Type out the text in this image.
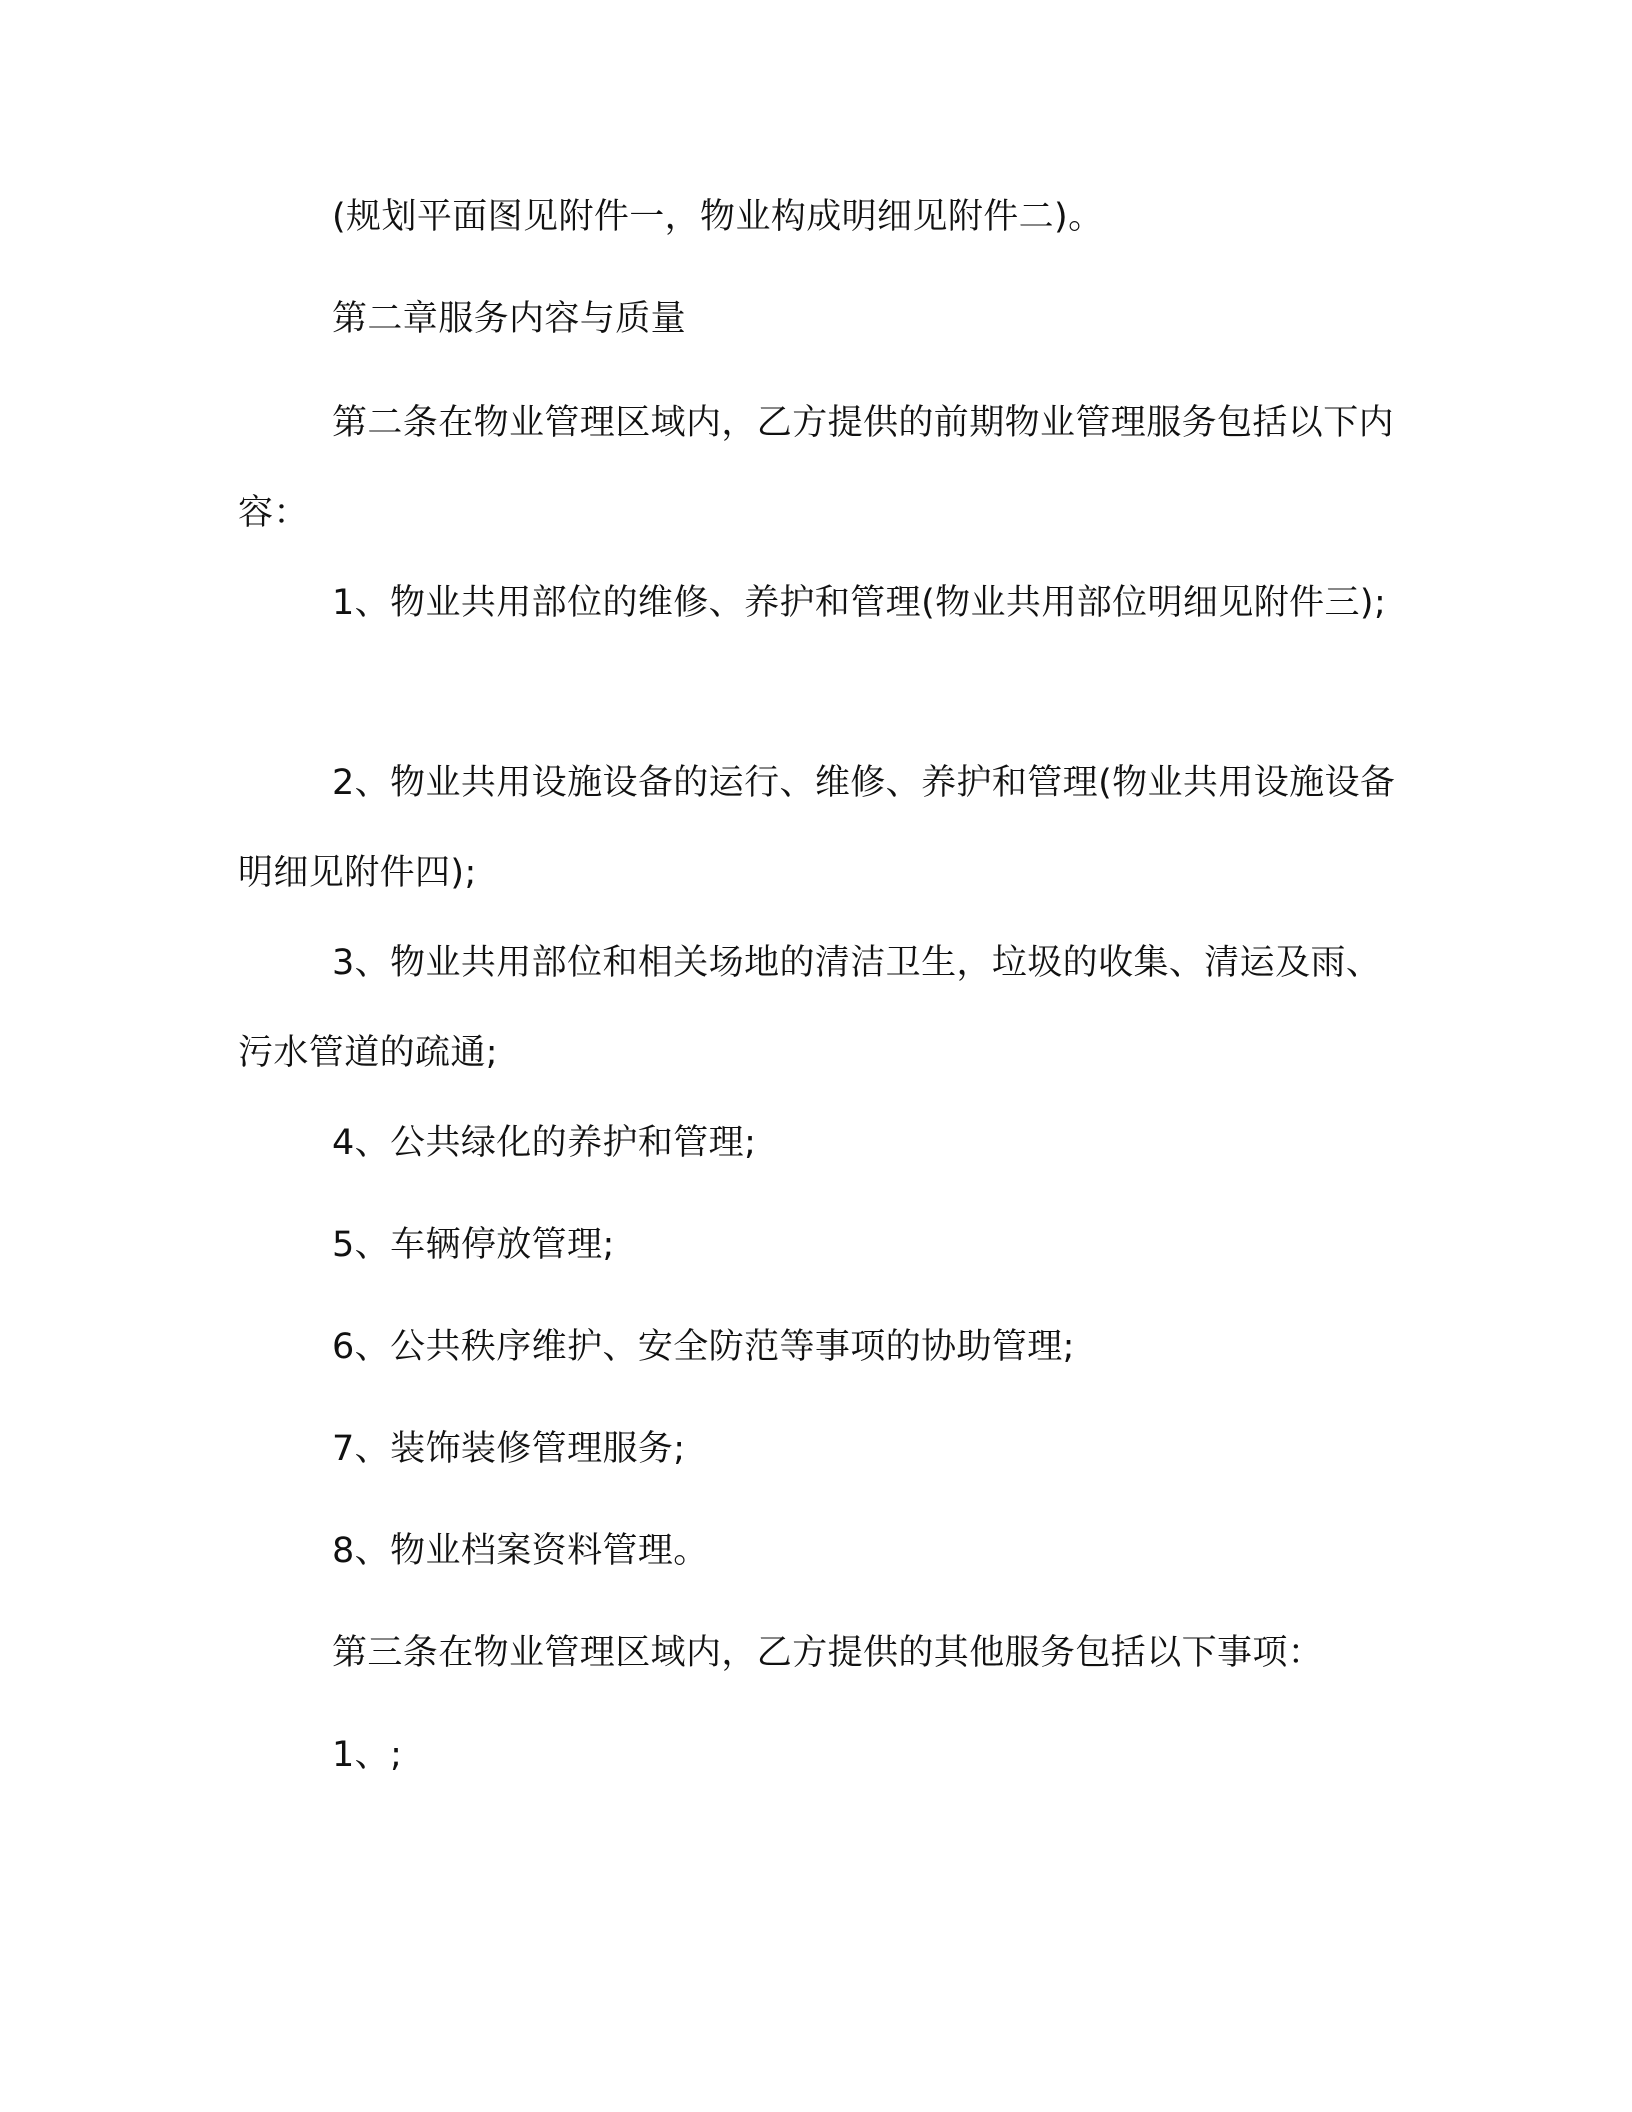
(规划平面图见附件一，物业构成明细见附件二)。

第二章服务内容与质量

第二条在物业管理区域内，乙方提供的前期物业管理服务包括以下内容：

1、物业共用部位的维修、养护和管理(物业共用部位明细见附件三);

2、物业共用设施设备的运行、维修、养护和管理(物业共用设施设备明细见附件四);

3、物业共用部位和相关场地的清洁卫生，垃圾的收集、清运及雨、污水管道的疏通;

4、公共绿化的养护和管理;

5、车辆停放管理;

6、公共秩序维护、安全防范等事项的协助管理;

7、装饰装修管理服务;

8、物业档案资料管理。

第三条在物业管理区域内，乙方提供的其他服务包括以下事项：

1、;
